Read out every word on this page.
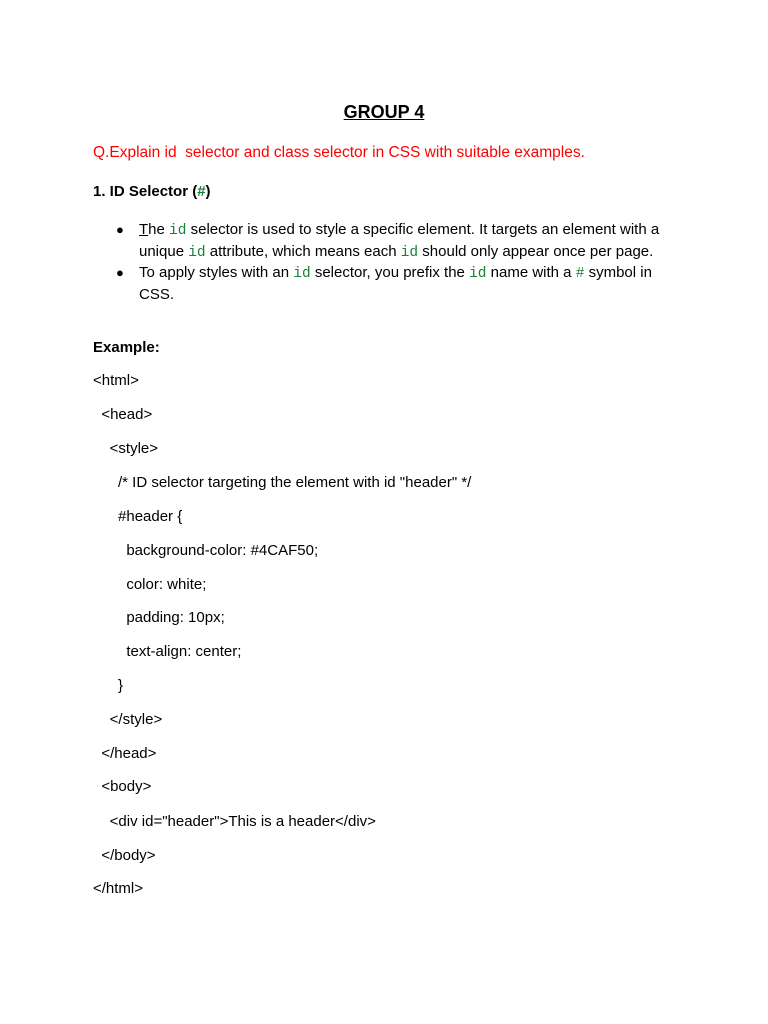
GROUP 4
Q.Explain id  selector and class selector in CSS with suitable examples.
1. ID Selector (#)

● The id selector is used to style a specific element. It targets an element with a unique id attribute, which means each id should only appear once per page.

● To apply styles with an id selector, you prefix the id name with a # symbol in CSS.

Example:
<html>
<head>
<style>
/* ID selector targeting the element with id "header" */
#header {
background-color: #4CAF50;
color: white;
padding: 10px;
text-align: center;
}
</style>
</head>
<body>
<div id="header">This is a header</div>
</body>
</html>
